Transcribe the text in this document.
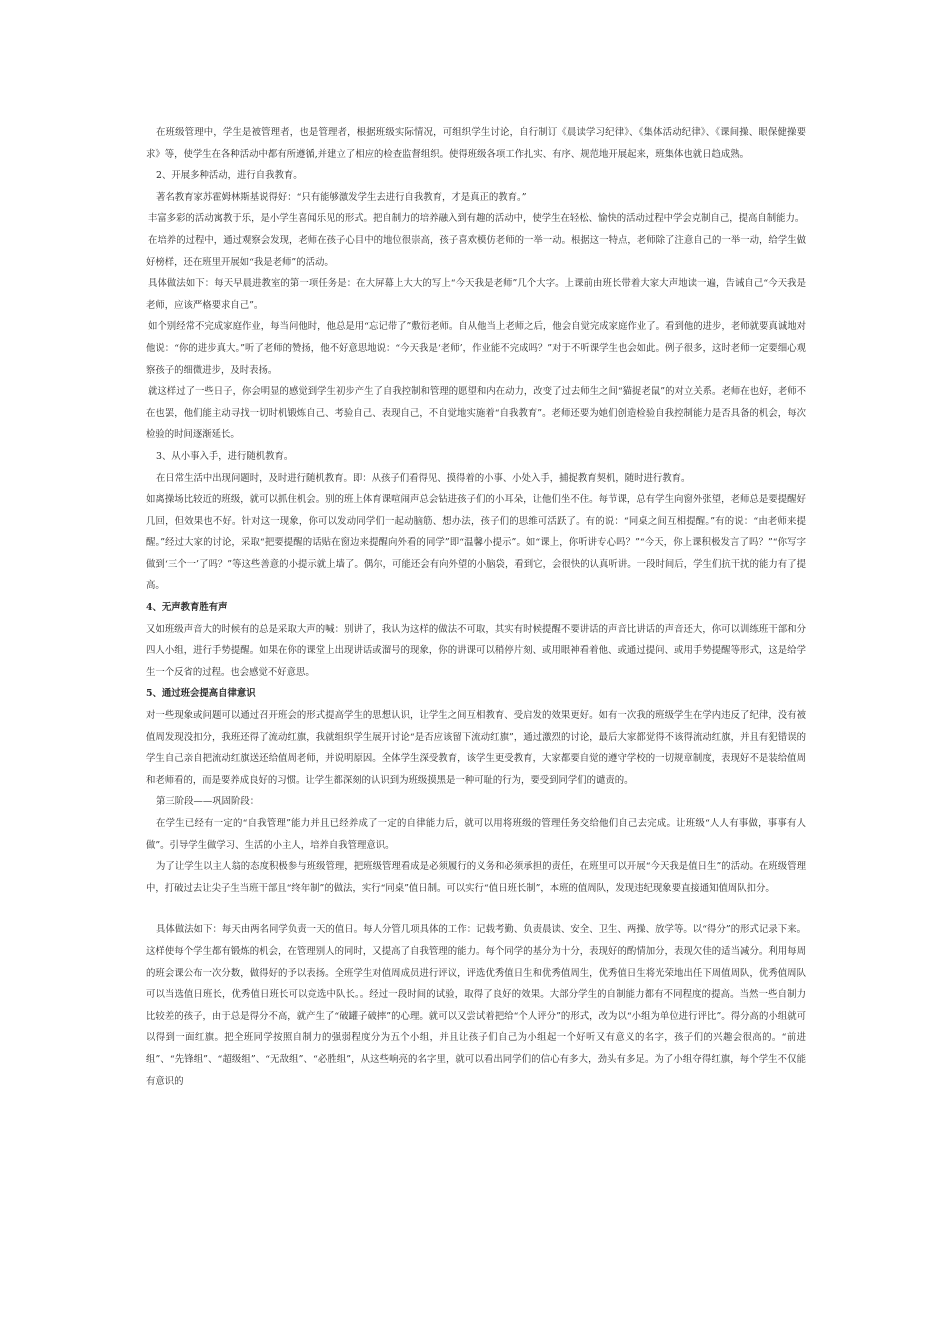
在班级管理中，学生是被管理者，也是管理者，根据班级实际情况，可组织学生讨论，自行制订《晨读学习纪律》、《集体活动纪律》、《课间操、眼保健操要求》等，使学生在各种活动中都有所遵循,并建立了相应的检查监督组织。使得班级各项工作扎实、有序、规范地开展起来，班集体也就日趋成熟。

2、开展多种活动，进行自我教育。

著名教育家苏霍姆林斯基说得好：“只有能够激发学生去进行自我教育，才是真正的教育。”

丰富多彩的活动寓教于乐，是小学生喜闻乐见的形式。把自制力的培养融入到有趣的活动中，使学生在轻松、愉快的活动过程中学会克制自己，提高自制能力。

在培养的过程中，通过观察会发现，老师在孩子心目中的地位很崇高，孩子喜欢模仿老师的一举一动。根据这一特点，老师除了注意自己的一举一动，给学生做好榜样，还在班里开展如“我是老师”的活动。

具体做法如下：每天早晨进教室的第一项任务是：在大屏幕上大大的写上“今天我是老师”几个大字。上课前由班长带着大家大声地读一遍，告诫自己“今天我是老师，应该严格要求自己”。

如个别经常不完成家庭作业，每当问他时，他总是用“忘记带了”敷衍老师。自从他当上老师之后，他会自觉完成家庭作业了。看到他的进步，老师就要真诚地对他说：“你的进步真大。”听了老师的赞扬，他不好意思地说：“今天我是‘老师’，作业能不完成吗？”对于不听课学生也会如此。例子很多，这时老师一定要细心观察孩子的细微进步，及时表扬。

就这样过了一些日子，你会明显的感觉到学生初步产生了自我控制和管理的愿望和内在动力，改变了过去师生之间“猫捉老鼠”的对立关系。老师在也好，老师不在也罢，他们能主动寻找一切时机锻炼自己、考验自己、表现自己，不自觉地实施着“自我教育”。老师还要为她们创造检验自我控制能力是否具备的机会，每次检验的时间逐渐延长。

3、从小事入手，进行随机教育。

在日常生活中出现问题时，及时进行随机教育。即：从孩子们看得见、摸得着的小事、小处入手，捕捉教育契机，随时进行教育。

如离操场比较近的班级，就可以抓住机会。别的班上体育课喧闹声总会钻进孩子们的小耳朵，让他们坐不住。每节课，总有学生向窗外张望，老师总是要提醒好几回，但效果也不好。针对这一现象，你可以发动同学们一起动脑筋、想办法，孩子们的思维可活跃了。有的说：“同桌之间互相提醒。”有的说：“由老师来提醒。”经过大家的讨论，采取“把要提醒的话贴在窗边来提醒向外看的同学”即“温馨小提示”。如“课上，你听讲专心吗？”“今天，你上课积极发言了吗？”“你写字做到‘三个一’了吗？”等这些善意的小提示就上墙了。偶尔，可能还会有向外望的小脑袋，看到它，会很快的认真听讲。一段时间后，学生们抗干扰的能力有了提高。

4、无声教育胜有声

又如班级声音大的时候有的总是采取大声的喊：别讲了，我认为这样的做法不可取，其实有时候提醒不要讲话的声音比讲话的声音还大，你可以训练班干部和分四人小组，进行手势提醒。如果在你的课堂上出现讲话或溜号的现象，你的讲课可以稍停片刻、或用眼神看着他、或通过提问、或用手势提醒等形式，这是给学生一个反省的过程。也会感觉不好意思。

5、通过班会提高自律意识

对一些现象或问题可以通过召开班会的形式提高学生的思想认识，让学生之间互相教育、受启发的效果更好。如有一次我的班级学生在学内违反了纪律，没有被值周发现没扣分，我班还得了流动红旗，我就组织学生展开讨论“是否应该留下流动红旗”，通过激烈的讨论，最后大家都觉得不该得流动红旗，并且有犯错误的学生自己亲自把流动红旗送还给值周老师，并说明原因。全体学生深受教育，该学生更受教育，大家都要自觉的遵守学校的一切规章制度，表现好不是装给值周和老师看的，而是要养成良好的习惯。让学生都深刻的认识到为班级摸黑是一种可耻的行为，要受到同学们的谴责的。

第三阶段——巩固阶段：

在学生已经有一定的“自我管理”能力并且已经养成了一定的自律能力后，就可以用将班级的管理任务交给他们自己去完成。让班级“人人有事做，事事有人做”。引导学生做学习、生活的小主人，培养自我管理意识。

为了让学生以主人翁的态度积极参与班级管理，把班级管理看成是必须履行的义务和必须承担的责任，在班里可以开展“今天我是值日生”的活动。在班级管理中，打破过去让尖子生当班干部且“终年制”的做法，实行“同桌”值日制。可以实行“值日班长制”，本班的值周队，发现违纪现象要直接通知值周队扣分。

具体做法如下：每天由两名同学负责一天的值日。每人分管几项具体的工作：记载考勤、负责晨读、安全、卫生、两操、放学等。以“得分”的形式记录下来。这样使每个学生都有锻炼的机会，在管理别人的同时，又提高了自我管理的能力。每个同学的基分为十分，表现好的酌情加分，表现欠佳的适当减分。利用每周的班会课公布一次分数，做得好的予以表扬。全班学生对值周成员进行评议，评选优秀值日生和优秀值周生，优秀值日生将光荣地出任下周值周队，优秀值周队可以当选值日班长，优秀值日班长可以竞选中队长。。经过一段时间的试验，取得了良好的效果。大部分学生的自制能力都有不同程度的提高。当然一些自制力比较差的孩子，由于总是得分不高，就产生了“破罐子破摔”的心理。就可以又尝试着把给“个人评分”的形式，改为以“小组为单位进行评比”。得分高的小组就可以得到一面红旗。把全班同学按照自制力的强弱程度分为五个小组，并且让孩子们自己为小组起一个好听又有意义的名字，孩子们的兴趣会很高的。“前进组”、“先锋组”、“超级组”、“无敌组”、“必胜组”，从这些响亮的名字里，就可以看出同学们的信心有多大，劲头有多足。为了小组夺得红旗，每个学生不仅能有意识的
